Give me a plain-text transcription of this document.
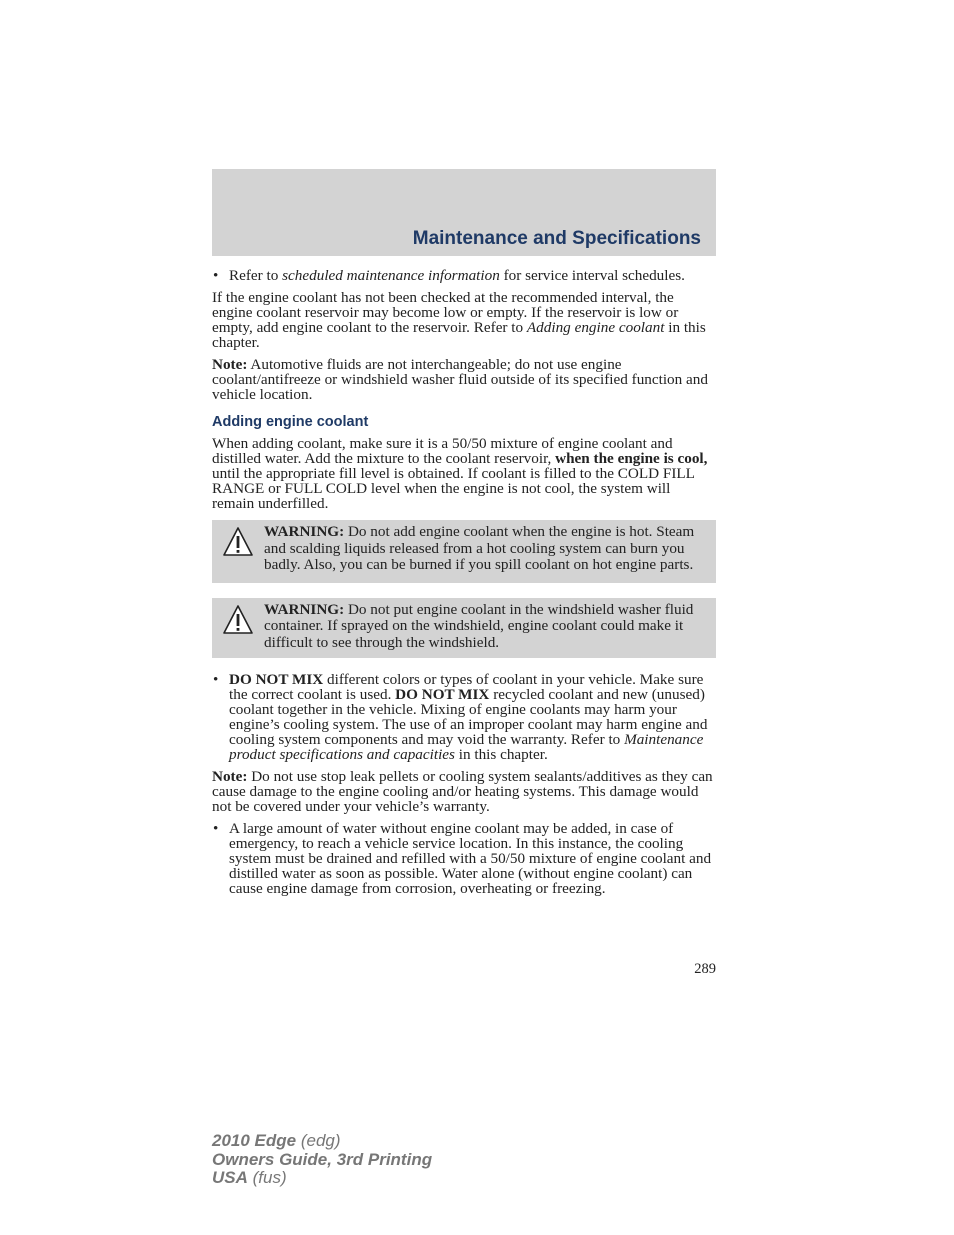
Maintenance and Specifications
• Refer to scheduled maintenance information for service interval schedules.

If the engine coolant has not been checked at the recommended interval, the engine coolant reservoir may become low or empty. If the reservoir is low or empty, add engine coolant to the reservoir. Refer to Adding engine coolant in this chapter.

Note: Automotive fluids are not interchangeable; do not use engine coolant/antifreeze or windshield washer fluid outside of its specified function and vehicle location.

Adding engine coolant

When adding coolant, make sure it is a 50/50 mixture of engine coolant and distilled water. Add the mixture to the coolant reservoir, when the engine is cool, until the appropriate fill level is obtained. If coolant is filled to the COLD FILL RANGE or FULL COLD level when the engine is not cool, the system will remain underfilled.

WARNING: Do not add engine coolant when the engine is hot. Steam and scalding liquids released from a hot cooling system can burn you badly. Also, you can be burned if you spill coolant on hot engine parts.
WARNING: Do not put engine coolant in the windshield washer fluid container. If sprayed on the windshield, engine coolant could make it difficult to see through the windshield.
• DO NOT MIX different colors or types of coolant in your vehicle. Make sure the correct coolant is used. DO NOT MIX recycled coolant and new (unused) coolant together in the vehicle. Mixing of engine coolants may harm your engine’s cooling system. The use of an improper coolant may harm engine and cooling system components and may void the warranty. Refer to Maintenance product specifications and capacities in this chapter.

Note: Do not use stop leak pellets or cooling system sealants/additives as they can cause damage to the engine cooling and/or heating systems. This damage would not be covered under your vehicle’s warranty.

• A large amount of water without engine coolant may be added, in case of emergency, to reach a vehicle service location. In this instance, the cooling system must be drained and refilled with a 50/50 mixture of engine coolant and distilled water as soon as possible. Water alone (without engine coolant) can cause engine damage from corrosion, overheating or freezing.
289
2010 Edge (edg)
Owners Guide, 3rd Printing
USA (fus)
